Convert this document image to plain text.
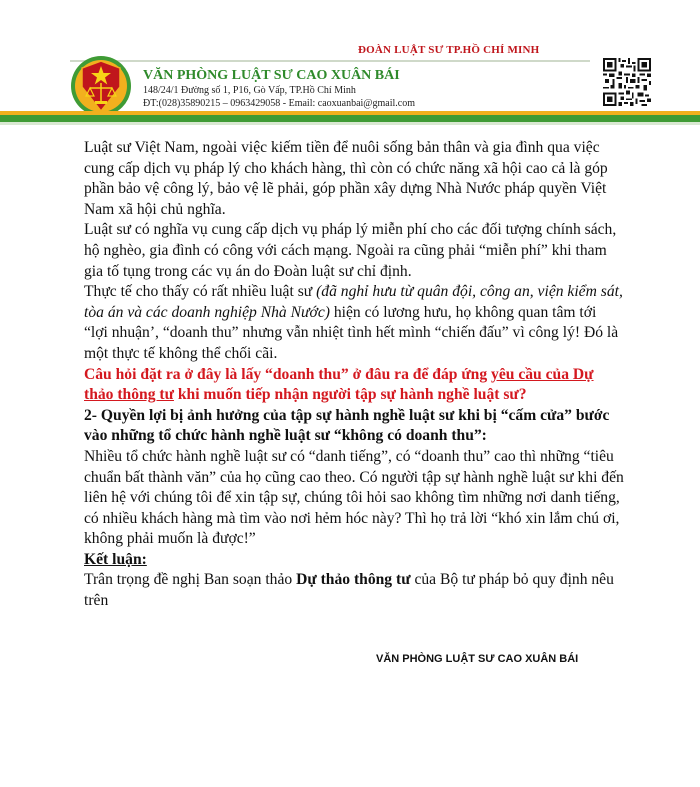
ĐOÀN LUẬT SƯ TP.HỒ CHÍ MINH
VĂN PHÒNG LUẬT SƯ CAO XUÂN BÁI
148/24/1 Đường số 1, P16, Gò Vấp, TP.Hồ Chí Minh
ĐT:(028)35890215 – 0963429058 - Email: caoxuanbai@gmail.com

Luật sư Việt Nam, ngoài việc kiếm tiền để nuôi sống bản thân và gia đình qua việc cung cấp dịch vụ pháp lý cho khách hàng, thì còn có chức năng xã hội cao cả là góp phần bảo vệ công lý, bảo vệ lẽ phải, góp phần xây dựng Nhà Nước pháp quyền Việt Nam xã hội chủ nghĩa.

Luật sư có nghĩa vụ cung cấp dịch vụ pháp lý miễn phí cho các đối tượng chính sách, hộ nghèo, gia đình có công với cách mạng. Ngoài ra cũng phải “miễn phí” khi tham gia tố tụng trong các vụ án do Đoàn luật sư chỉ định.

Thực tế cho thấy có rất nhiều luật sư (đã nghỉ hưu từ quân đội, công an, viện kiểm sát, tòa án và các doanh nghiệp Nhà Nước) hiện có lương hưu, họ không quan tâm tới “lợi nhuận’, “doanh thu” nhưng vẫn nhiệt tình hết mình “chiến đấu” vì công lý! Đó là một thực tế không thể chối cãi.

Câu hỏi đặt ra ở đây là lấy “doanh thu” ở đâu ra để đáp ứng yêu cầu của Dự thảo thông tư khi muốn tiếp nhận người tập sự hành nghề luật sư?

2- Quyền lợi bị ảnh hưởng của tập sự hành nghề luật sư khi bị “cấm cửa” bước vào những tổ chức hành nghề luật sư “không có doanh thu”:

Nhiều tổ chức hành nghề luật sư có “danh tiếng”, có “doanh thu” cao thì những “tiêu chuẩn bất thành văn” của họ cũng cao theo. Có người tập sự hành nghề luật sư khi đến liên hệ với chúng tôi để xin tập sự, chúng tôi hỏi sao không tìm những nơi danh tiếng, có nhiều khách hàng mà tìm vào nơi hẻm hóc này? Thì họ trả lời “khó xin lắm chú ơi, không phải muốn là được!”

Kết luận:

Trân trọng đề nghị Ban soạn thảo Dự thảo thông tư của Bộ tư pháp bỏ quy định nêu trên

VĂN PHÒNG LUẬT SƯ CAO XUÂN BÁI
